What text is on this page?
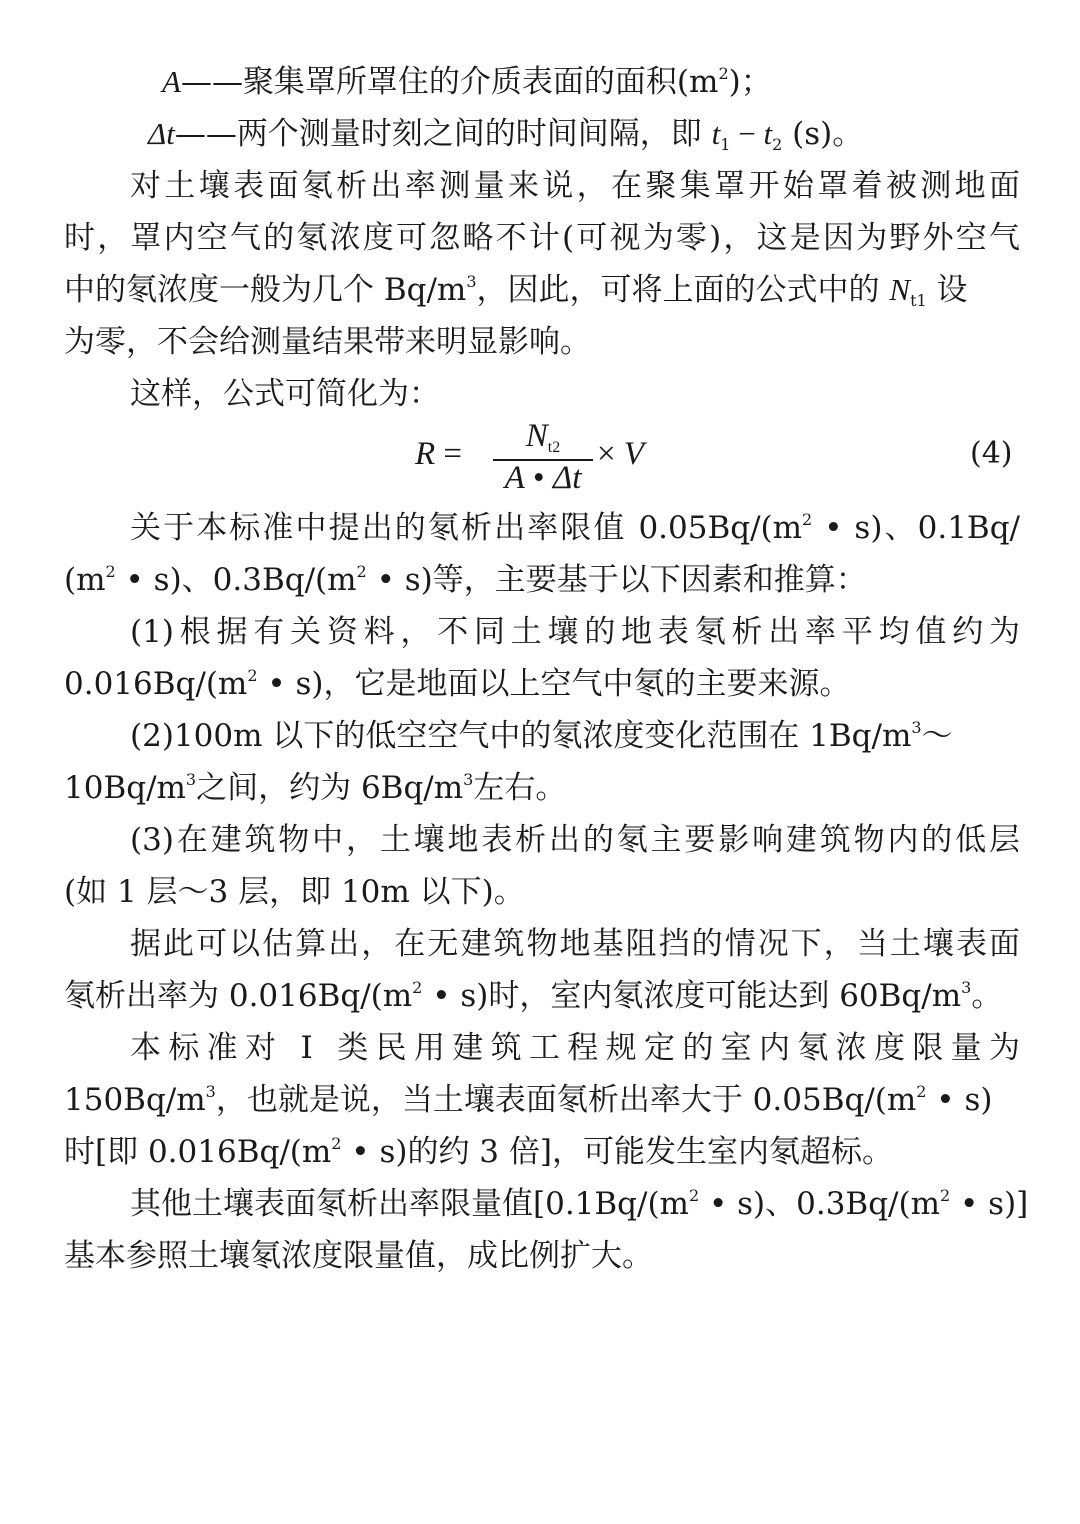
A——聚集罩所罩住的介质表面的面积$(m^2)$；
Δt——两个测量时刻之间的时间间隔，即 $t_1 - t_2$ (s)。
对土壤表面氡析出率测量来说，在聚集罩开始罩着被测地面
时，罩内空气的氡浓度可忽略不计(可视为零)，这是因为野外空气
中的氡浓度一般为几个 $Bq/m^3$，因此，可将上面的公式中的 $N_{t1}$ 设
为零，不会给测量结果带来明显影响。
这样，公式可简化为：
R =	$N_{t2}$
A • Δt
× V	(4)
关于本标准中提出的氡析出率限值 $0.05Bq/(m^2$ • s)、0.1Bq/
($m^2$ • s)、$0.3Bq/(m^2$ • s)等，主要基于以下因素和推算：
(1)根据有关资料，不同土壤的地表氡析出率平均值约为
$0.016Bq/(m^2$ • s)，它是地面以上空气中氡的主要来源。
(2)100m 以下的低空空气中的氡浓度变化范围在 $1Bq/m^3\sim$
$10Bq/m^3$之间，约为 $6Bq/m^3$左右。
(3)在建筑物中，土壤地表析出的氡主要影响建筑物内的低层
(如 1 层～3 层，即 10m 以下)。
据此可以估算出，在无建筑物地基阻挡的情况下，当土壤表面
氡析出率为 $0.016Bq/(m^2$ • s)时，室内氡浓度可能达到 $60Bq/m^3$。
本标准对 Ⅰ 类民用建筑工程规定的室内氡浓度限量为
$150Bq/m^3$，也就是说，当土壤表面氡析出率大于 $0.05Bq/(m^2$ • s)
时[即 $0.016Bq/(m^2$ • s)的约 3 倍]，可能发生室内氡超标。
其他土壤表面氡析出率限量值[$0.1Bq/(m^2$ • s)、$0.3Bq/(m^2$ • s)]
基本参照土壤氡浓度限量值，成比例扩大。
